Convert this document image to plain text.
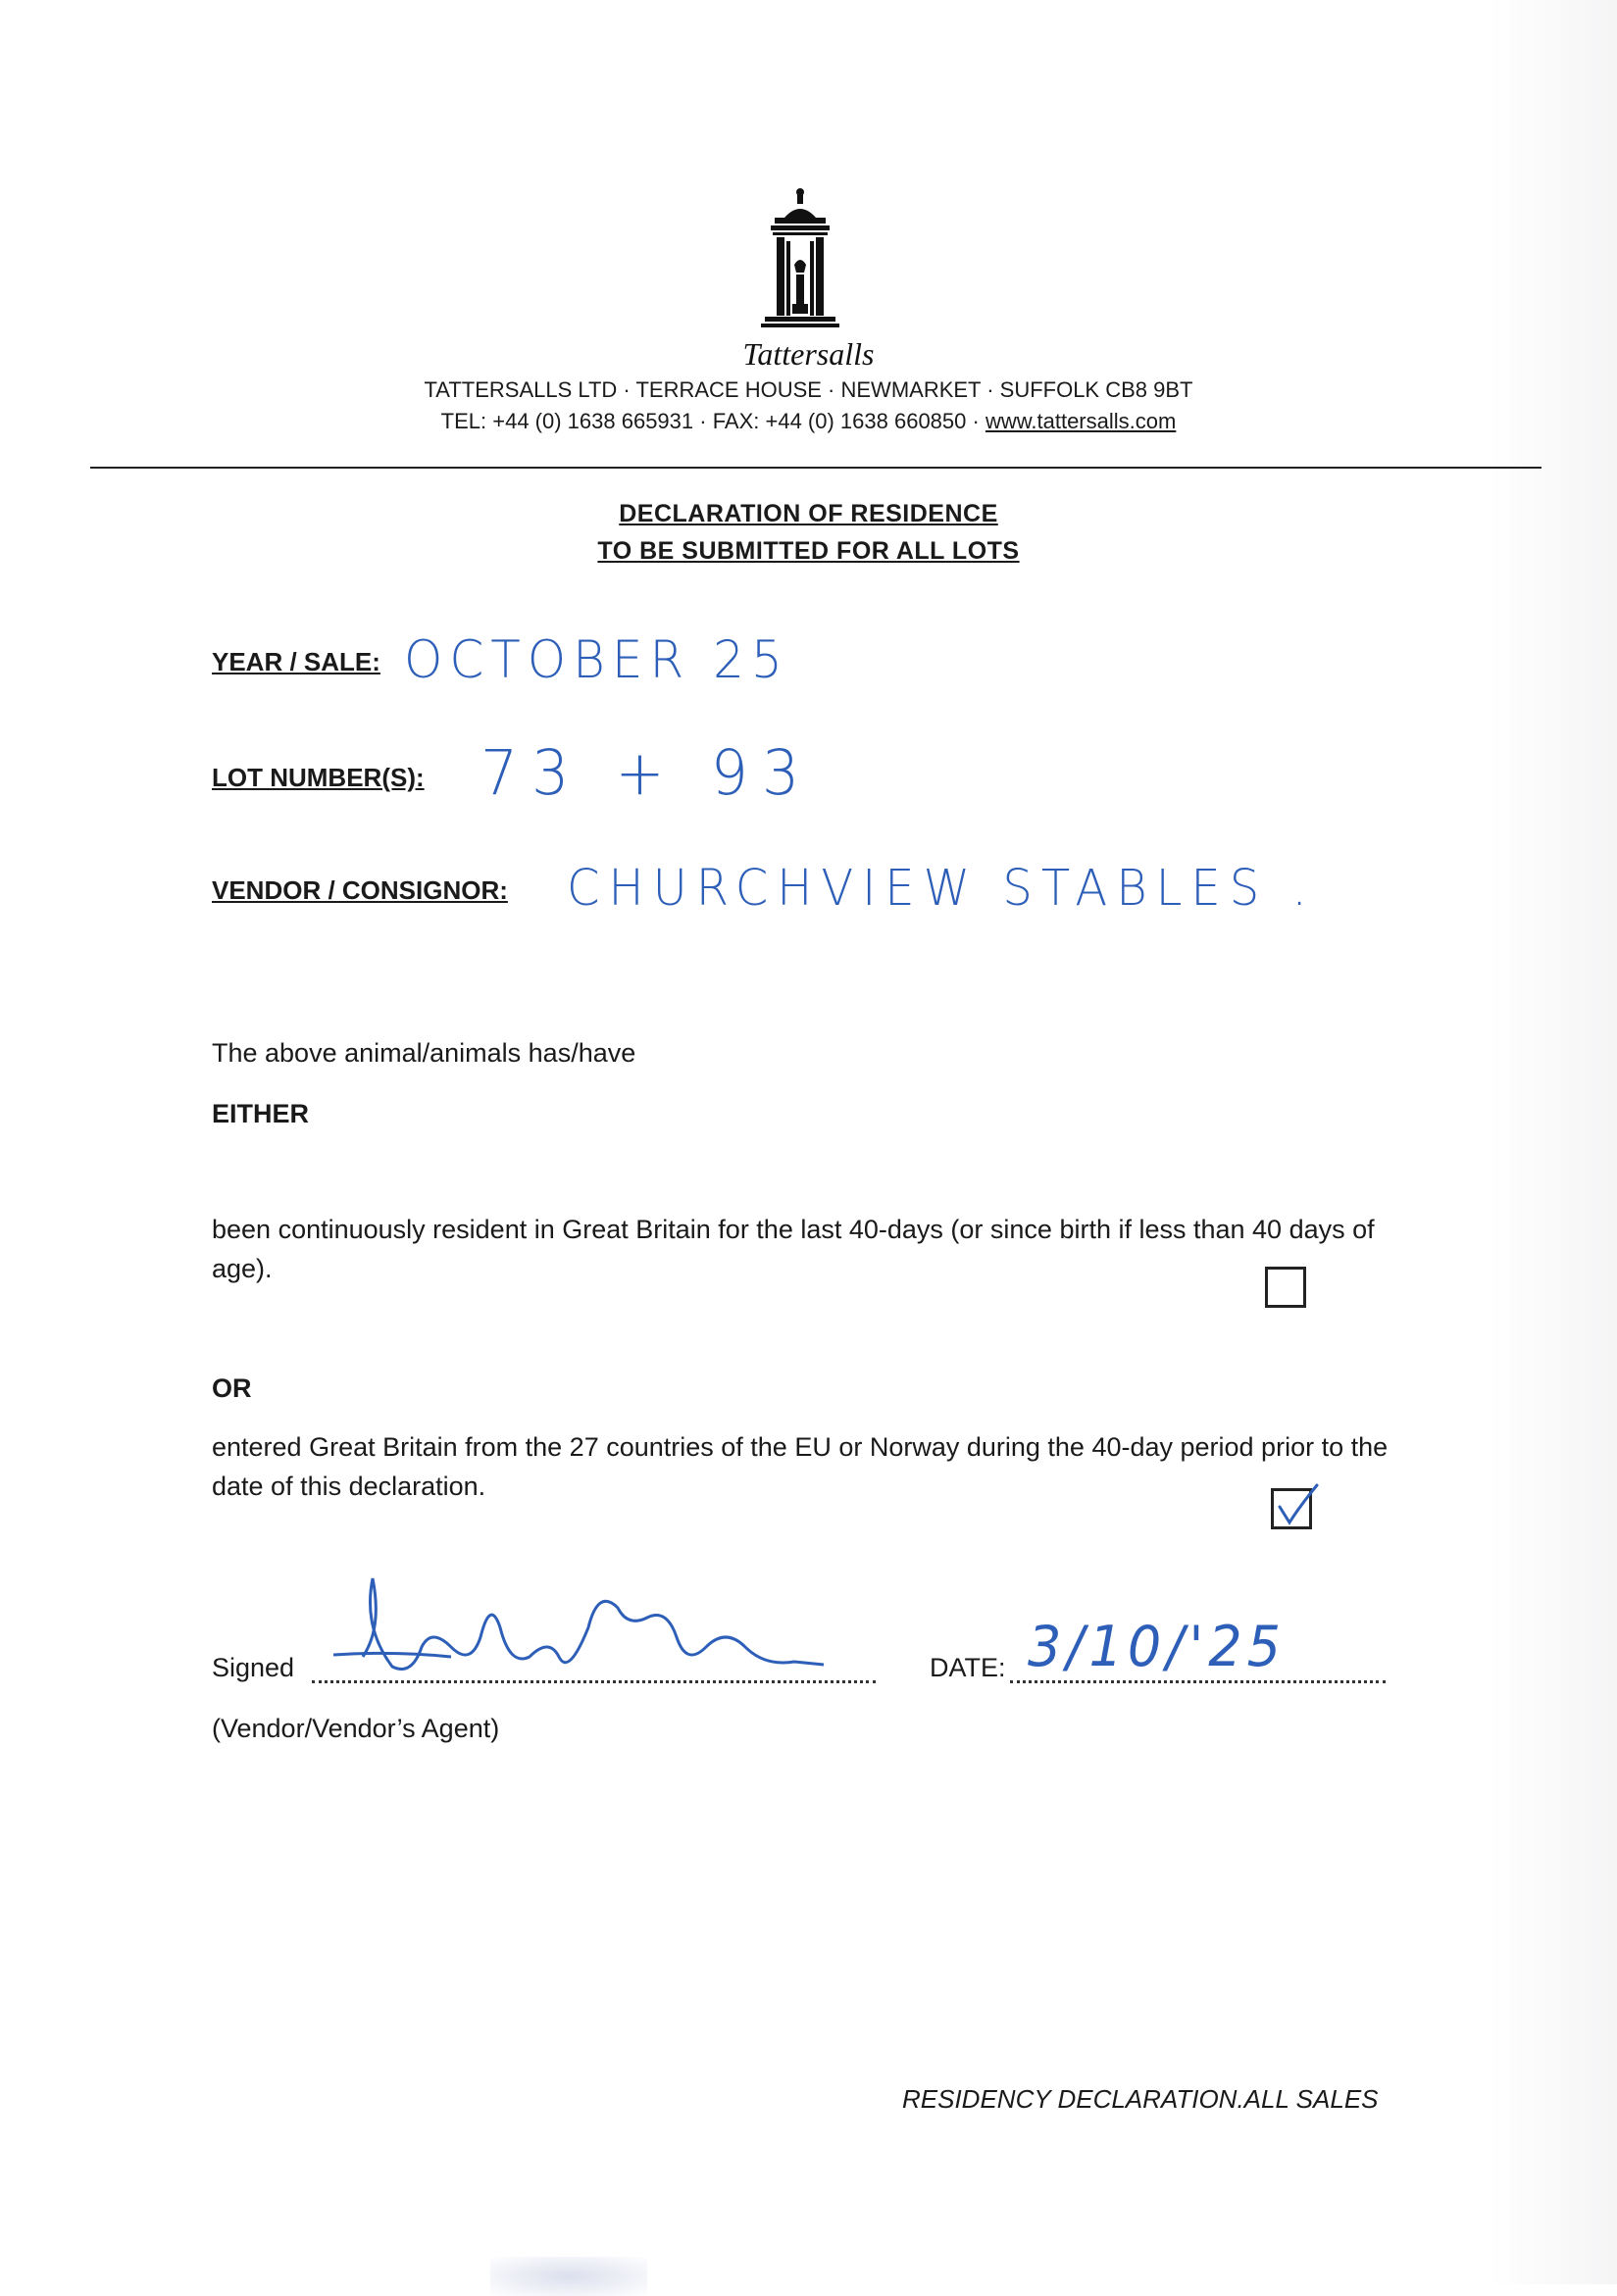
Tattersalls
TATTERSALLS LTD · TERRACE HOUSE · NEWMARKET · SUFFOLK CB8 9BT
TEL: +44 (0) 1638 665931 · FAX: +44 (0) 1638 660850 · www.tattersalls.com
DECLARATION OF RESIDENCE
TO BE SUBMITTED FOR ALL LOTS
YEAR / SALE: OCTOBER 25
LOT NUMBER(S): 73 + 93
VENDOR / CONSIGNOR: CHURCHVIEW STABLES .
The above animal/animals has/have
EITHER
been continuously resident in Great Britain for the last 40-days (or since birth if less than 40 days of age).
OR
entered Great Britain from the 27 countries of the EU or Norway during the 40-day period prior to the date of this declaration.
Signed	DATE: 3/10/'25
(Vendor/Vendor’s Agent)
RESIDENCY DECLARATION.ALL SALES
